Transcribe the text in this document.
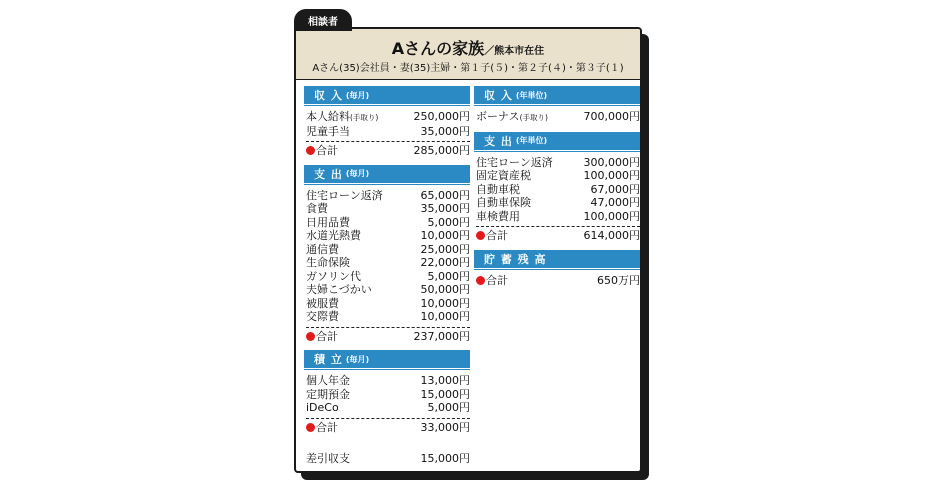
相談者
Aさんの家族／熊本市在住
Aさん(35)会社員・妻(35)主婦・第１子(５)・第２子(４)・第３子(１)
収 入 (毎月)
本人給料(手取り)	250,000円
児童手当	35,000円
合計	285,000円
支 出 (毎月)
住宅ローン返済	65,000円
食費	35,000円
日用品費	5,000円
水道光熱費	10,000円
通信費	25,000円
生命保険	22,000円
ガソリン代	5,000円
夫婦こづかい	50,000円
被服費	10,000円
交際費	10,000円
合計	237,000円
積 立 (毎月)
個人年金	13,000円
定期預金	15,000円
iDeCo	5,000円
合計	33,000円
差引収支	15,000円
収 入 (年単位)
ボーナス(手取り)	700,000円
支 出 (年単位)
住宅ローン返済	300,000円
固定資産税	100,000円
自動車税	67,000円
自動車保険	47,000円
車検費用	100,000円
合計	614,000円
貯 蓄 残 高
合計	650万円
